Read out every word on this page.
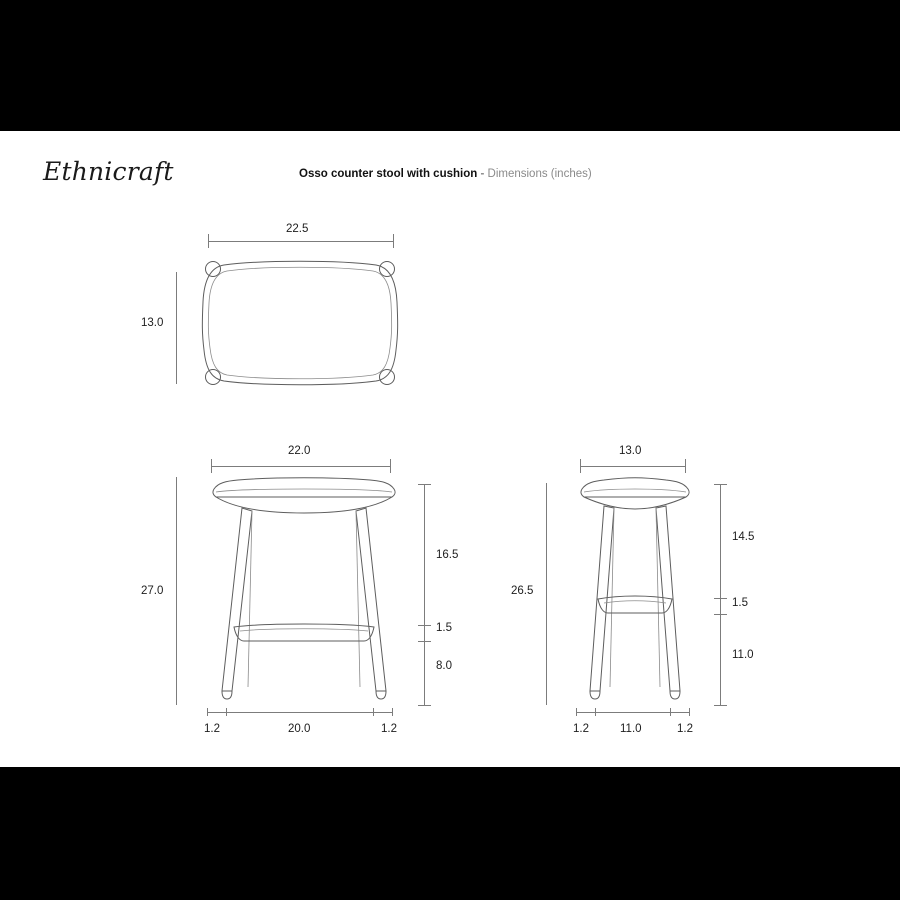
Ethnicraft	Osso counter stool with cushion - Dimensions (inches)
22.5
13.0
22.0
27.0
16.5
1.5
8.0
1.2	20.0	1.2
13.0
26.5
14.5
1.5
11.0
1.2	11.0	1.2
